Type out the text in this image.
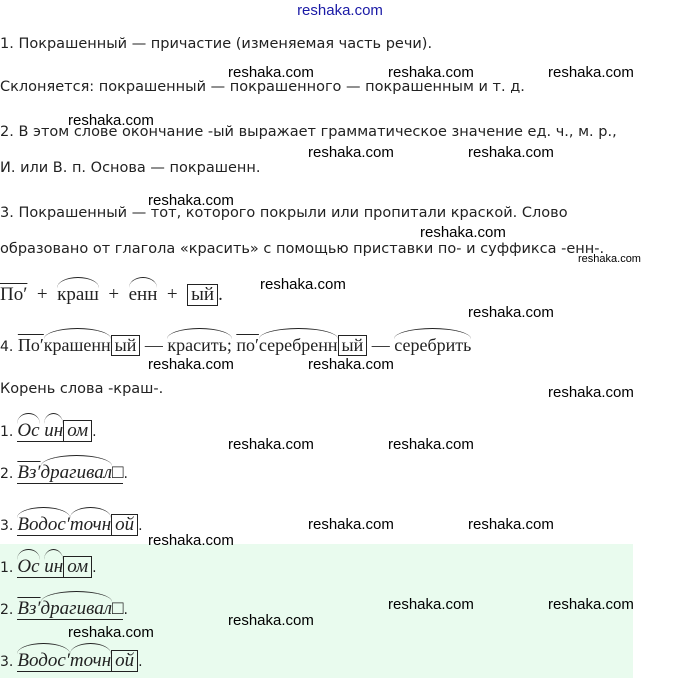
reshaka.com
1. Покрашенный — причастие (изменяемая часть речи).
Склоняется: покрашенный — покрашенного — покрашенным и т. д.
2. В этом слове окончание -ый выражает грамматическое значение ед. ч., м. р.,
И. или В. п. Основа — покрашенн.
3. Покрашенный — тот, которого покрыли или пропитали краской. Слово
образовано от глагола «красить» с помощью приставки по- и суффикса -енн-.
По′ + краш + енн + ый .
4. По′крашенн ый — красить; по′серебренн ый — серебрить
Корень слова -краш-.
1. Ос ин ом .
2. Вз′драгивал□.
3. Водос′точн ой .
1. Ос ин ом .
2. Вз′драгивал□.
3. Водос′точн ой .
reshaka.com	reshaka.com	reshaka.com
reshaka.com
reshaka.com	reshaka.com
reshaka.com
reshaka.com
reshaka.com
reshaka.com
reshaka.com
reshaka.com	reshaka.com
reshaka.com
reshaka.com	reshaka.com
reshaka.com	reshaka.com
reshaka.com
reshaka.com	reshaka.com
reshaka.com
reshaka.com
